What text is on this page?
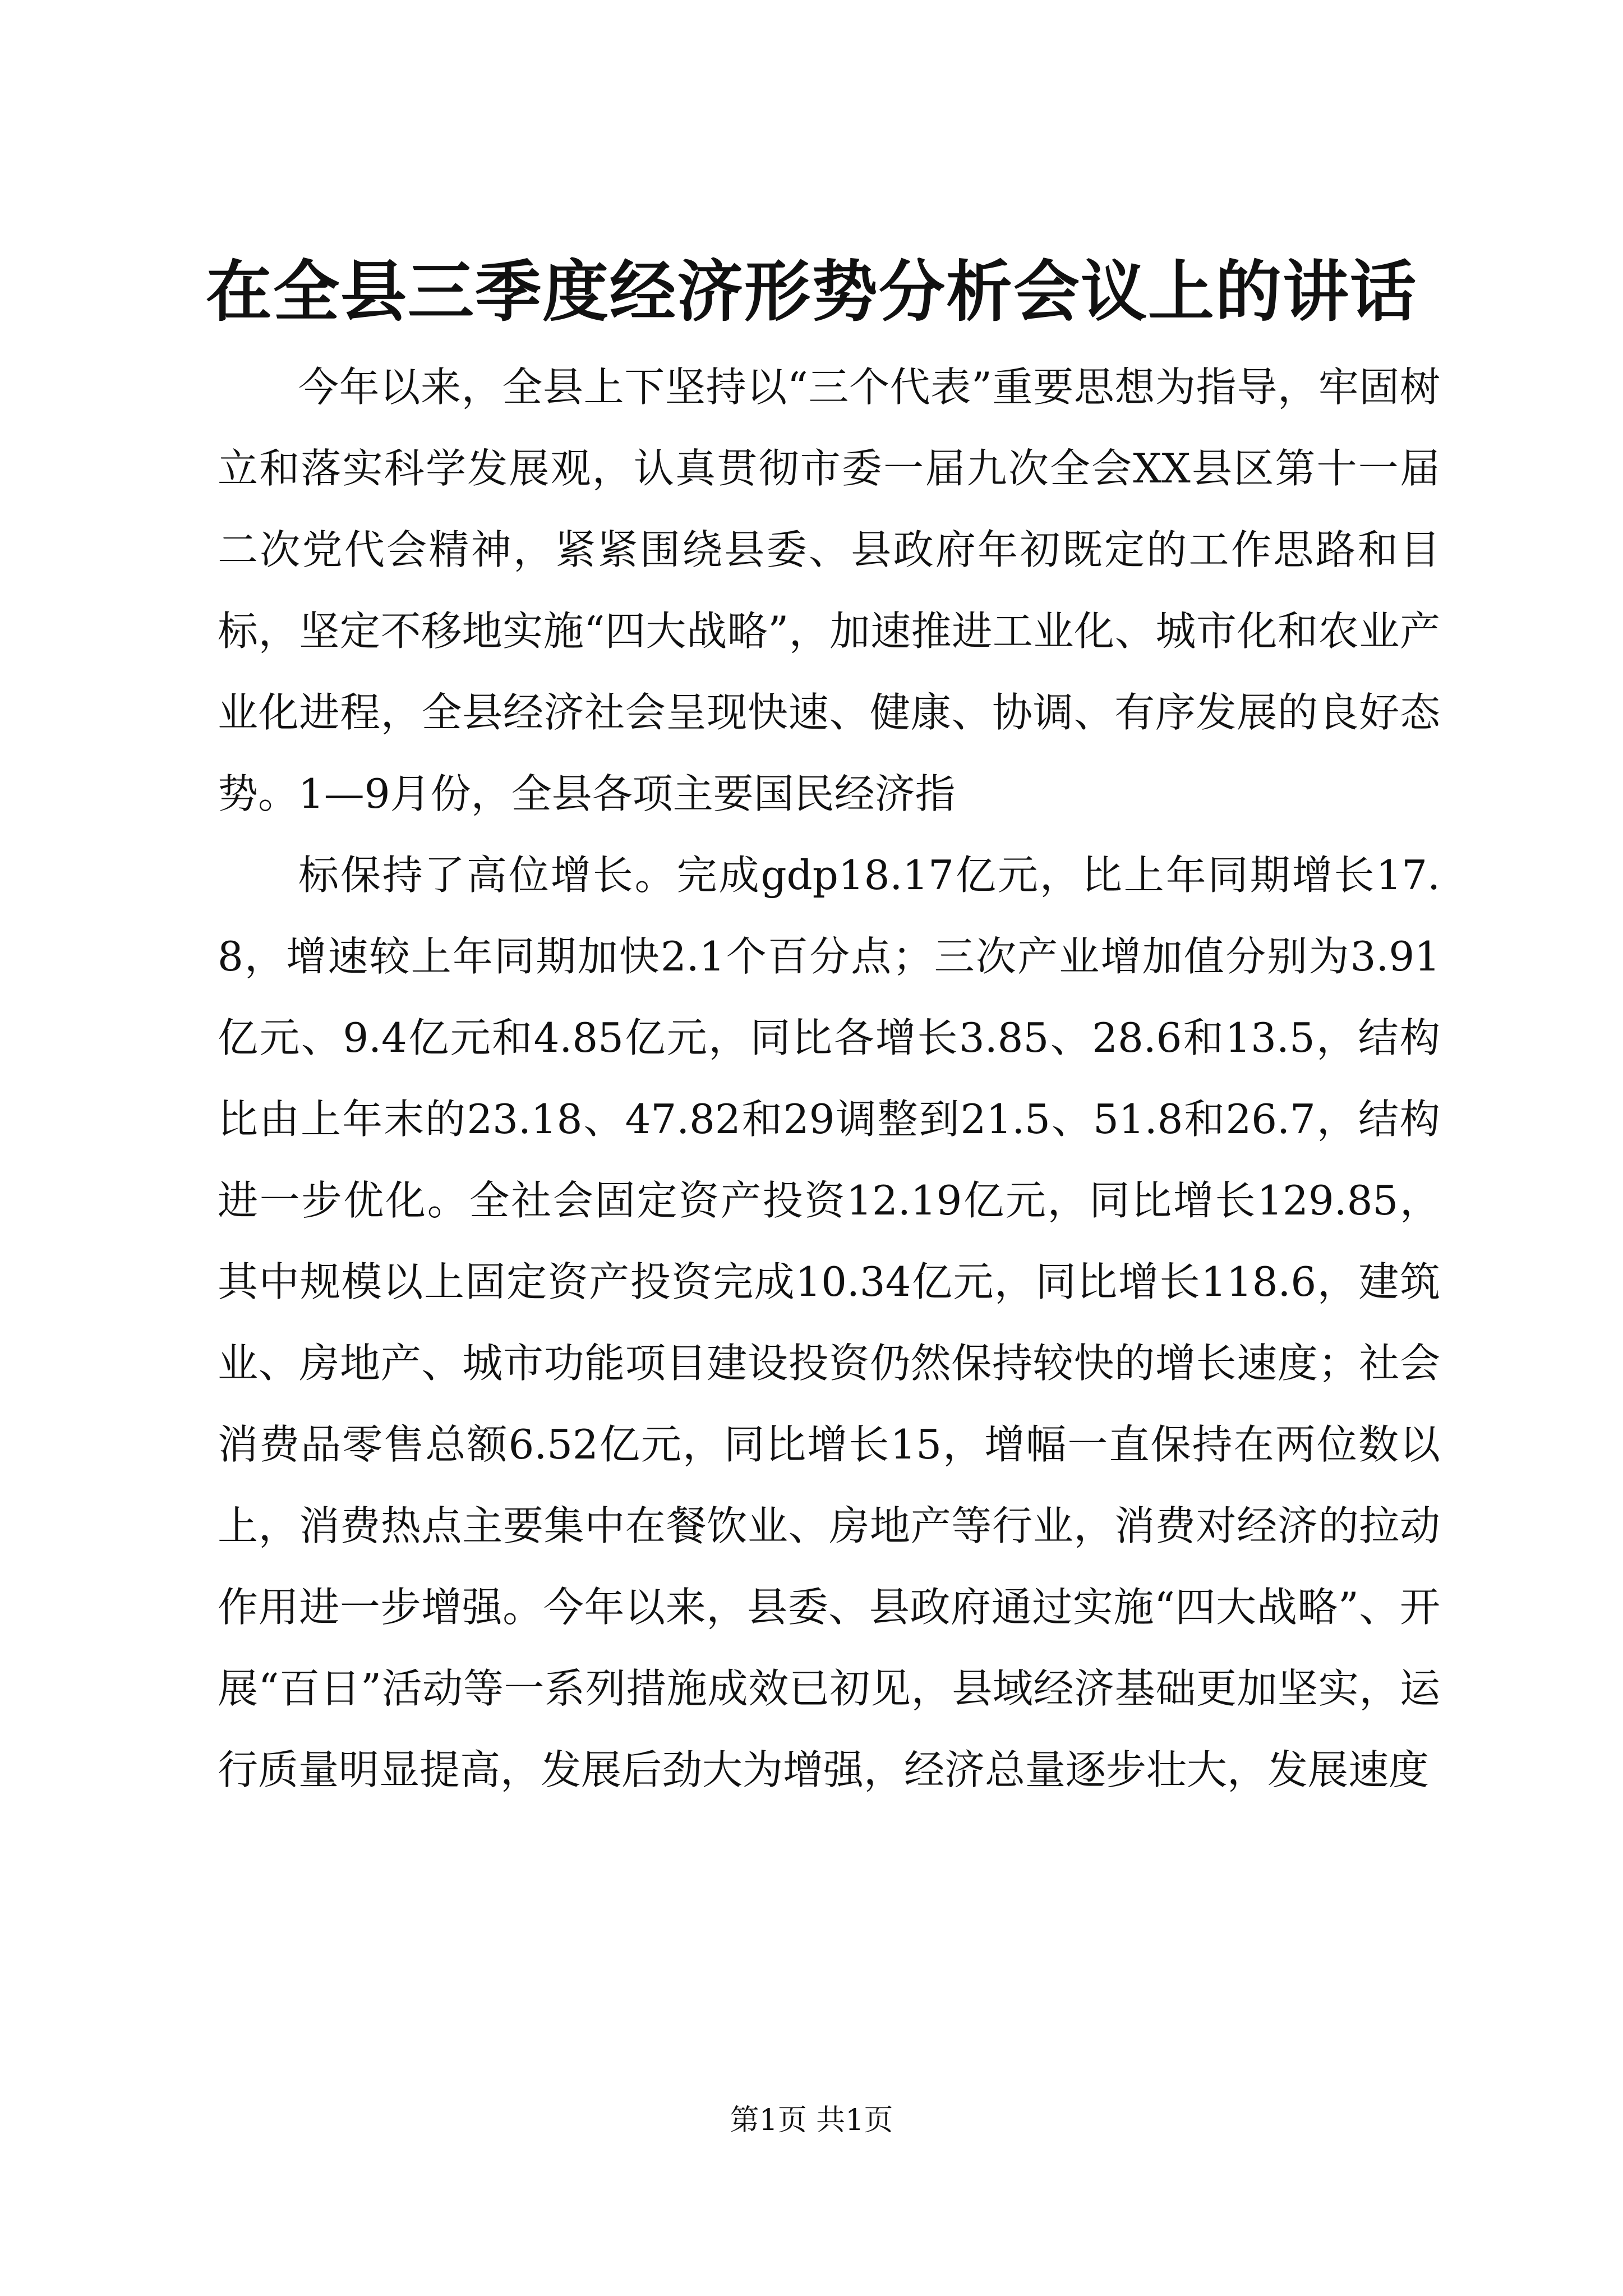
在全县三季度经济形势分析会议上的讲话

今年以来，全县上下坚持以“三个代表”重要思想为指导，牢固树立和落实科学发展观，认真贯彻市委一届九次全会XX县区第十一届二次党代会精神，紧紧围绕县委、县政府年初既定的工作思路和目标，坚定不移地实施“四大战略”，加速推进工业化、城市化和农业产业化进程，全县经济社会呈现快速、健康、协调、有序发展的良好态势。1—9月份，全县各项主要国民经济指

标保持了高位增长。完成gdp18.17亿元，比上年同期增长17.8，增速较上年同期加快2.1个百分点；三次产业增加值分别为3.91亿元、9.4亿元和4.85亿元，同比各增长3.85、28.6和13.5，结构比由上年末的23.18、47.82和29调整到21.5、51.8和26.7，结构进一步优化。全社会固定资产投资12.19亿元，同比增长129.85，其中规模以上固定资产投资完成10.34亿元，同比增长118.6，建筑业、房地产、城市功能项目建设投资仍然保持较快的增长速度；社会消费品零售总额6.52亿元，同比增长15，增幅一直保持在两位数以上，消费热点主要集中在餐饮业、房地产等行业，消费对经济的拉动作用进一步增强。今年以来，县委、县政府通过实施“四大战略”、开展“百日”活动等一系列措施成效已初见，县域经济基础更加坚实，运行质量明显提高，发展后劲大为增强，经济总量逐步壮大，发展速度

第1页 共1页
